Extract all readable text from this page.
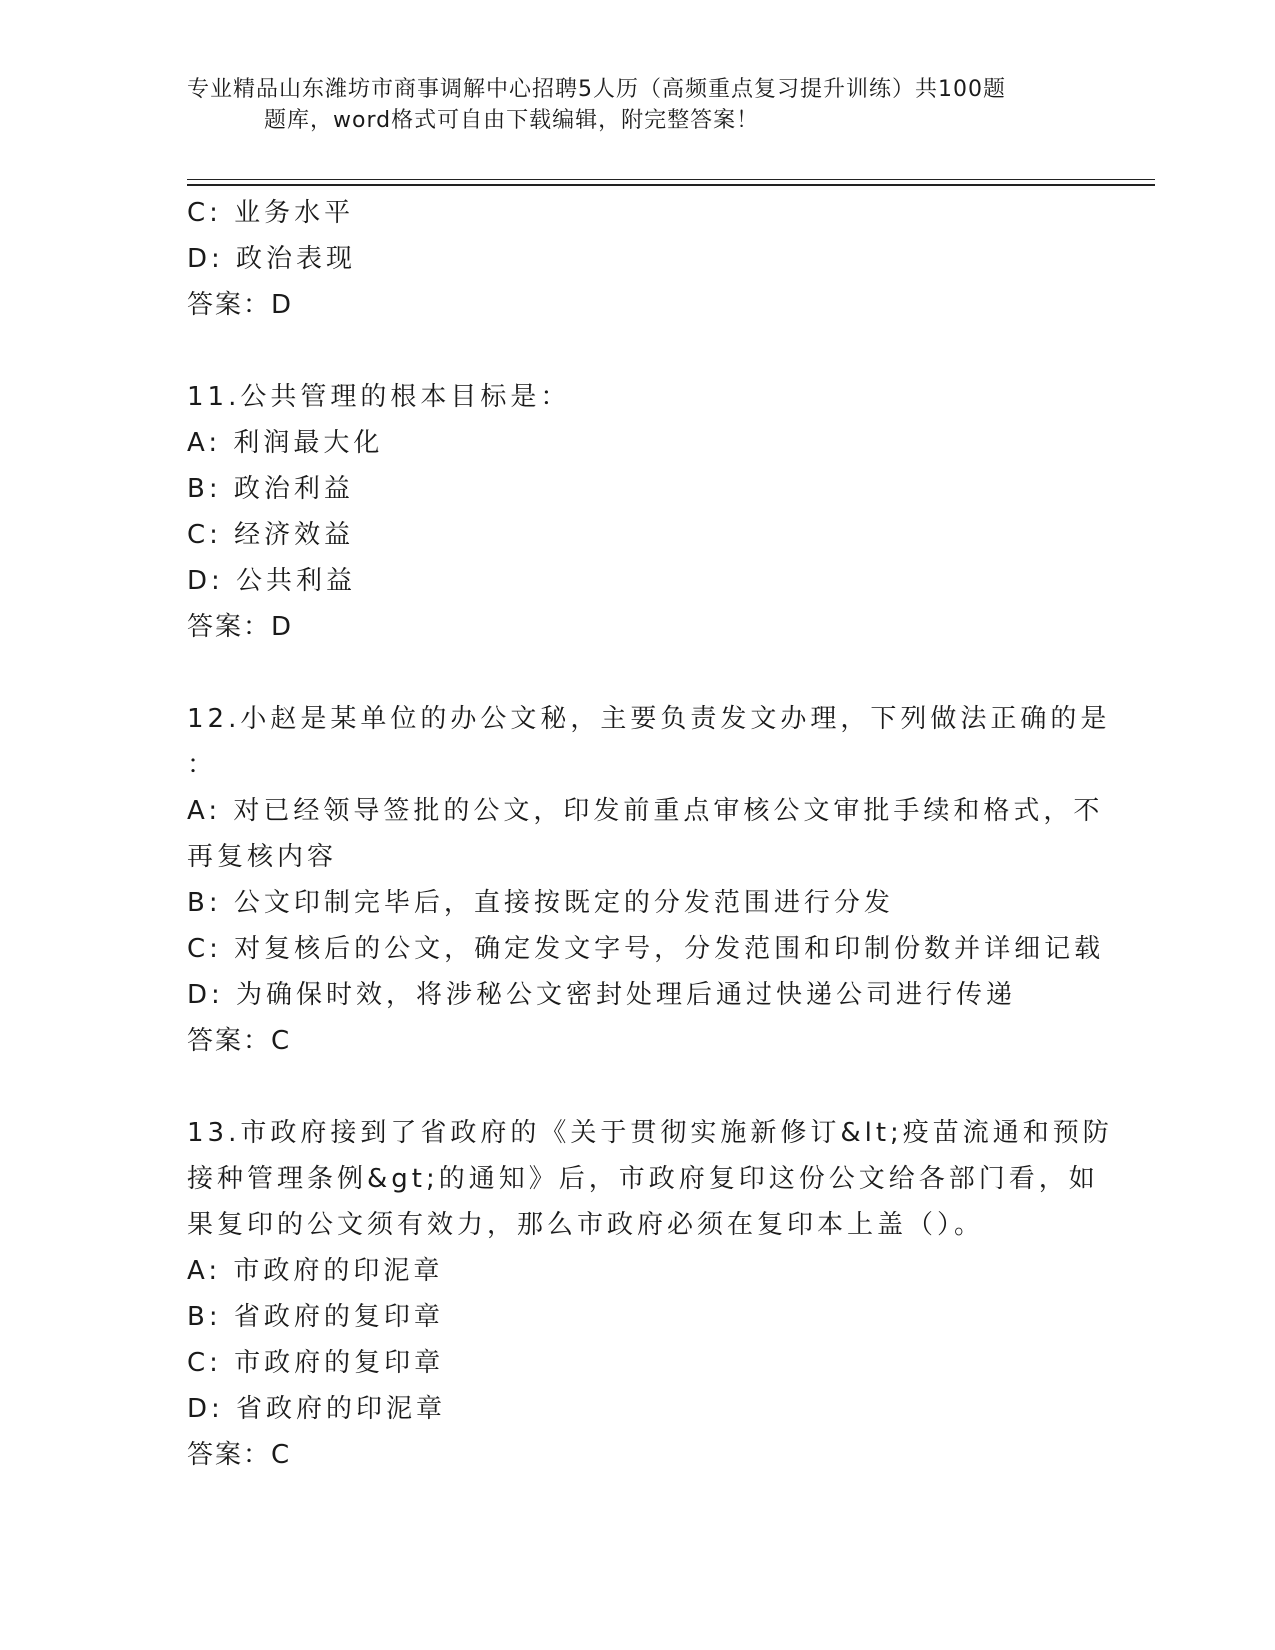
专业精品山东潍坊市商事调解中心招聘5人历（高频重点复习提升训练）共100题
题库，word格式可自由下载编辑，附完整答案！
C: 业务水平
D: 政治表现
答案：D
11.公共管理的根本目标是：
A: 利润最大化
B: 政治利益
C: 经济效益
D: 公共利益
答案：D
12.小赵是某单位的办公文秘，主要负责发文办理，下列做法正确的是
：
A: 对已经领导签批的公文，印发前重点审核公文审批手续和格式，不
再复核内容
B: 公文印制完毕后，直接按既定的分发范围进行分发
C: 对复核后的公文，确定发文字号，分发范围和印制份数并详细记载
D: 为确保时效，将涉秘公文密封处理后通过快递公司进行传递
答案：C
13.市政府接到了省政府的《关于贯彻实施新修订&lt;疫苗流通和预防
接种管理条例&gt;的通知》后，市政府复印这份公文给各部门看，如
果复印的公文须有效力，那么市政府必须在复印本上盖（）。
A: 市政府的印泥章
B: 省政府的复印章
C: 市政府的复印章
D: 省政府的印泥章
答案：C
